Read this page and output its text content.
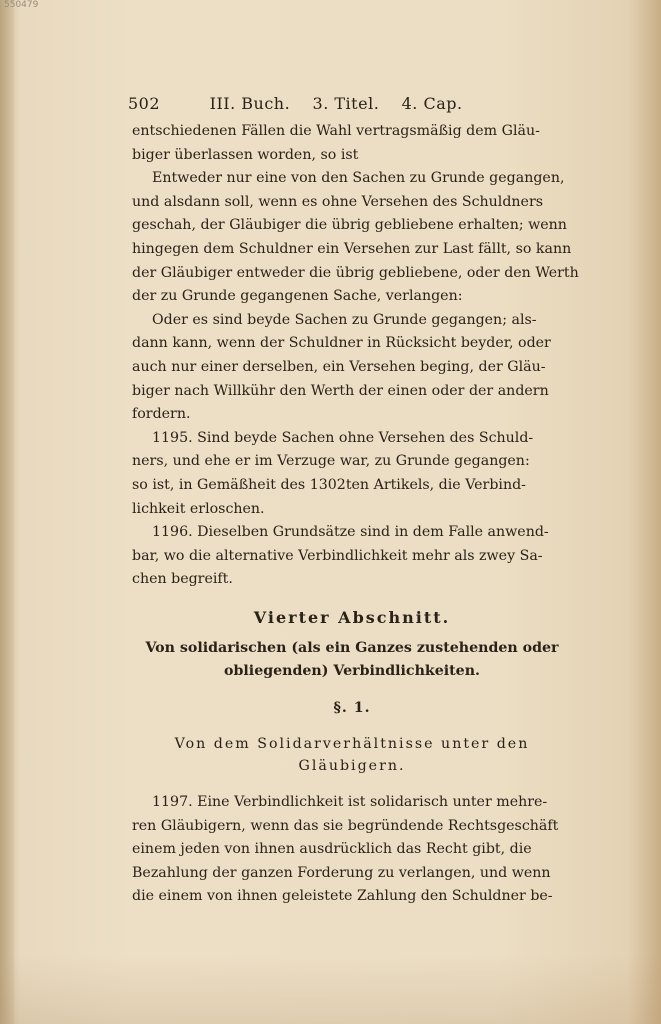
550479
502	III. Buch. 3. Titel. 4. Cap.
entschiedenen Fällen die Wahl vertragsmäßig dem Gläu-
biger überlassen worden, so ist
Entweder nur eine von den Sachen zu Grunde gegangen,
und alsdann soll, wenn es ohne Versehen des Schuldners
geschah, der Gläubiger die übrig gebliebene erhalten; wenn
hingegen dem Schuldner ein Versehen zur Last fällt, so kann
der Gläubiger entweder die übrig gebliebene, oder den Werth
der zu Grunde gegangenen Sache, verlangen:
Oder es sind beyde Sachen zu Grunde gegangen; als-
dann kann, wenn der Schuldner in Rücksicht beyder, oder
auch nur einer derselben, ein Versehen beging, der Gläu-
biger nach Willkühr den Werth der einen oder der andern
fordern.
1195. Sind beyde Sachen ohne Versehen des Schuld-
ners, und ehe er im Verzuge war, zu Grunde gegangen:
so ist, in Gemäßheit des 1302ten Artikels, die Verbind-
lichkeit erloschen.
1196. Dieselben Grundsätze sind in dem Falle anwend-
bar, wo die alternative Verbindlichkeit mehr als zwey Sa-
chen begreift.
Vierter Abschnitt.
Von solidarischen (als ein Ganzes zustehenden oder
obliegenden) Verbindlichkeiten.
§. 1.
Von dem Solidarverhältnisse unter den
Gläubigern.
1197. Eine Verbindlichkeit ist solidarisch unter mehre-
ren Gläubigern, wenn das sie begründende Rechtsgeschäft
einem jeden von ihnen ausdrücklich das Recht gibt, die
Bezahlung der ganzen Forderung zu verlangen, und wenn
die einem von ihnen geleistete Zahlung den Schuldner be-
